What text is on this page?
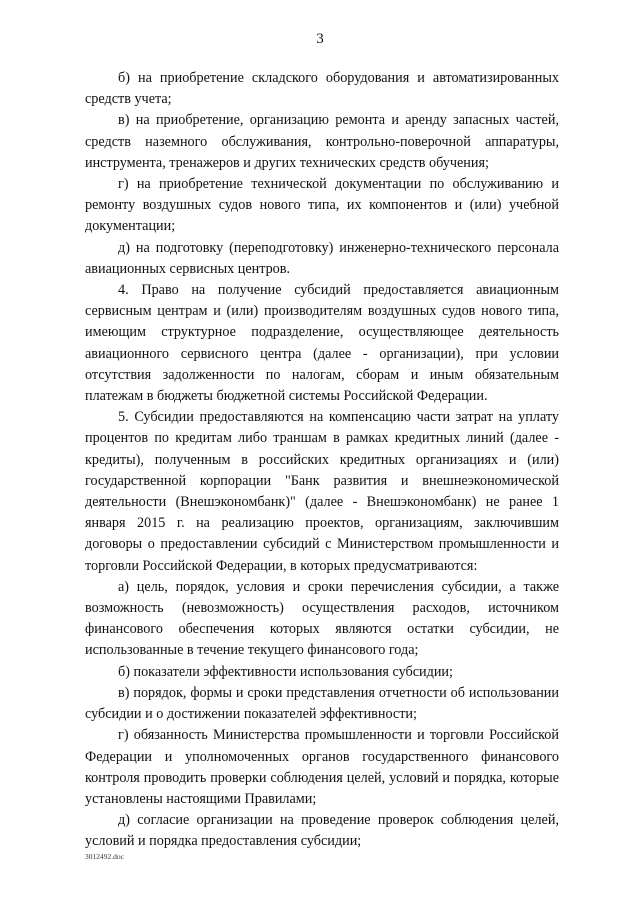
3

б) на приобретение складского оборудования и автоматизированных средств учета;

в) на приобретение, организацию ремонта и аренду запасных частей, средств наземного обслуживания, контрольно-поверочной аппаратуры, инструмента, тренажеров и других технических средств обучения;

г) на приобретение технической документации по обслуживанию и ремонту воздушных судов нового типа, их компонентов и (или) учебной документации;

д) на подготовку (переподготовку) инженерно-технического персонала авиационных сервисных центров.

4. Право на получение субсидий предоставляется авиационным сервисным центрам и (или) производителям воздушных судов нового типа, имеющим структурное подразделение, осуществляющее деятельность авиационного сервисного центра (далее - организации), при условии отсутствия задолженности по налогам, сборам и иным обязательным платежам в бюджеты бюджетной системы Российской Федерации.

5. Субсидии предоставляются на компенсацию части затрат на уплату процентов по кредитам либо траншам в рамках кредитных линий (далее - кредиты), полученным в российских кредитных организациях и (или) государственной корпорации "Банк развития и внешнеэкономической деятельности (Внешэкономбанк)" (далее - Внешэкономбанк) не ранее 1 января 2015 г. на реализацию проектов, организациям, заключившим договоры о предоставлении субсидий с Министерством промышленности и торговли Российской Федерации, в которых предусматриваются:

а) цель, порядок, условия и сроки перечисления субсидии, а также возможность (невозможность) осуществления расходов, источником финансового обеспечения которых являются остатки субсидии, не использованные в течение текущего финансового года;

б) показатели эффективности использования субсидии;

в) порядок, формы и сроки представления отчетности об использовании субсидии и о достижении показателей эффективности;

г) обязанность Министерства промышленности и торговли Российской Федерации и уполномоченных органов государственного финансового контроля проводить проверки соблюдения целей, условий и порядка, которые установлены настоящими Правилами;

д) согласие организации на проведение проверок соблюдения целей, условий и порядка предоставления субсидии;

3012492.doc
